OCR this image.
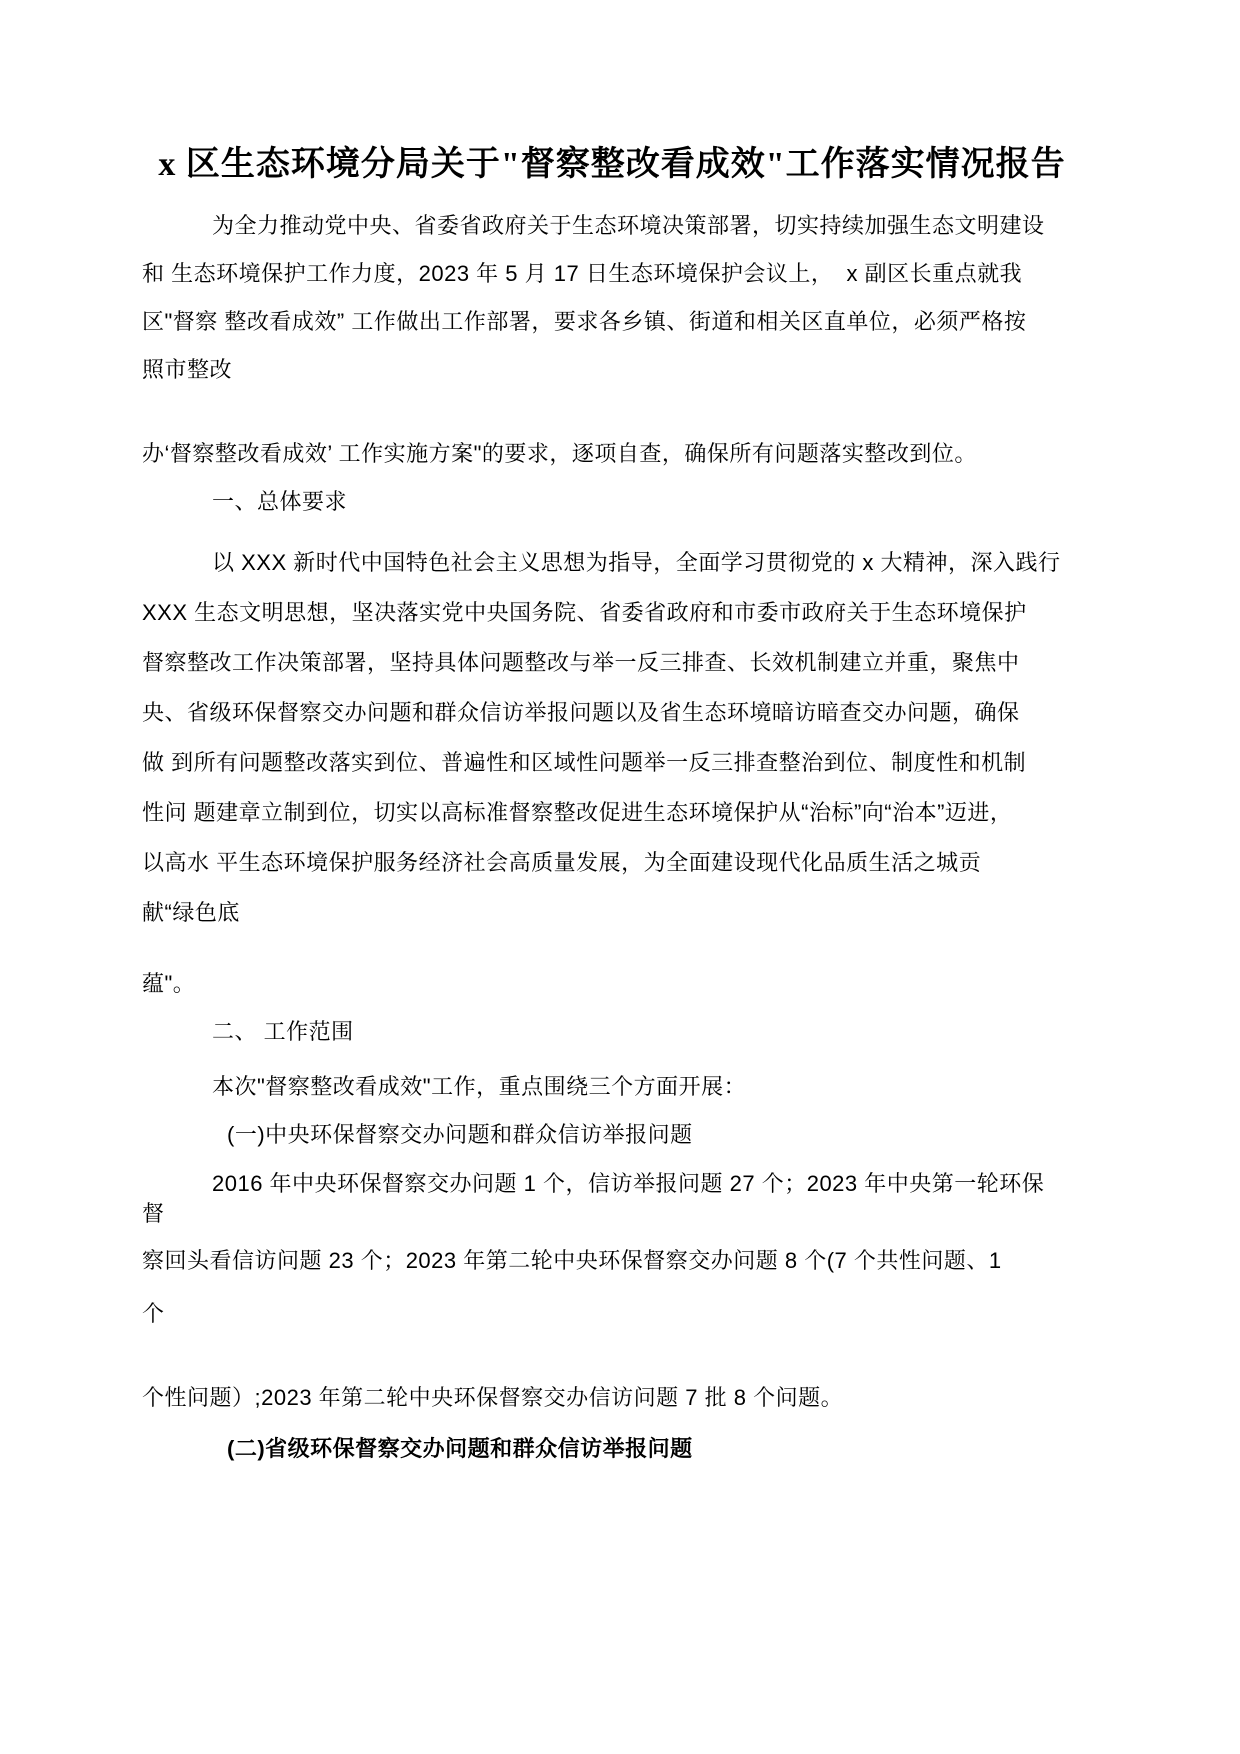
x 区生态环境分局关于"督察整改看成效"工作落实情况报告
为全力推动党中央、省委省政府关于生态环境决策部署，切实持续加强生态文明建设
和 生态环境保护工作力度，2023 年 5 月 17 日生态环境保护会议上，  x 副区长重点就我
区"督察 整改看成效” 工作做出工作部署，要求各乡镇、街道和相关区直单位，必须严格按
照市整改
办‘督察整改看成效’ 工作实施方案"的要求，逐项自查，确保所有问题落实整改到位。
一、总体要求
以 XXX 新时代中国特色社会主义思想为指导，全面学习贯彻党的 x 大精神，深入践行
XXX 生态文明思想，坚决落实党中央国务院、省委省政府和市委市政府关于生态环境保护
督察整改工作决策部署，坚持具体问题整改与举一反三排查、长效机制建立并重，聚焦中
央、省级环保督察交办问题和群众信访举报问题以及省生态环境暗访暗查交办问题，确保
做 到所有问题整改落实到位、普遍性和区域性问题举一反三排查整治到位、制度性和机制
性问 题建章立制到位，切实以高标准督察整改促进生态环境保护从“治标”向“治本”迈进，
以高水 平生态环境保护服务经济社会高质量发展，为全面建设现代化品质生活之城贡
献“绿色底
蕴"。
二、 工作范围
本次"督察整改看成效"工作，重点围绕三个方面开展：
(一)中央环保督察交办问题和群众信访举报问题
2016 年中央环保督察交办问题 1 个，信访举报问题 27 个；2023 年中央第一轮环保
督
察回头看信访问题 23 个；2023 年第二轮中央环保督察交办问题 8 个(7 个共性问题、1
个
个性问题）;2023 年第二轮中央环保督察交办信访问题 7 批 8 个问题。
(二)省级环保督察交办问题和群众信访举报问题
